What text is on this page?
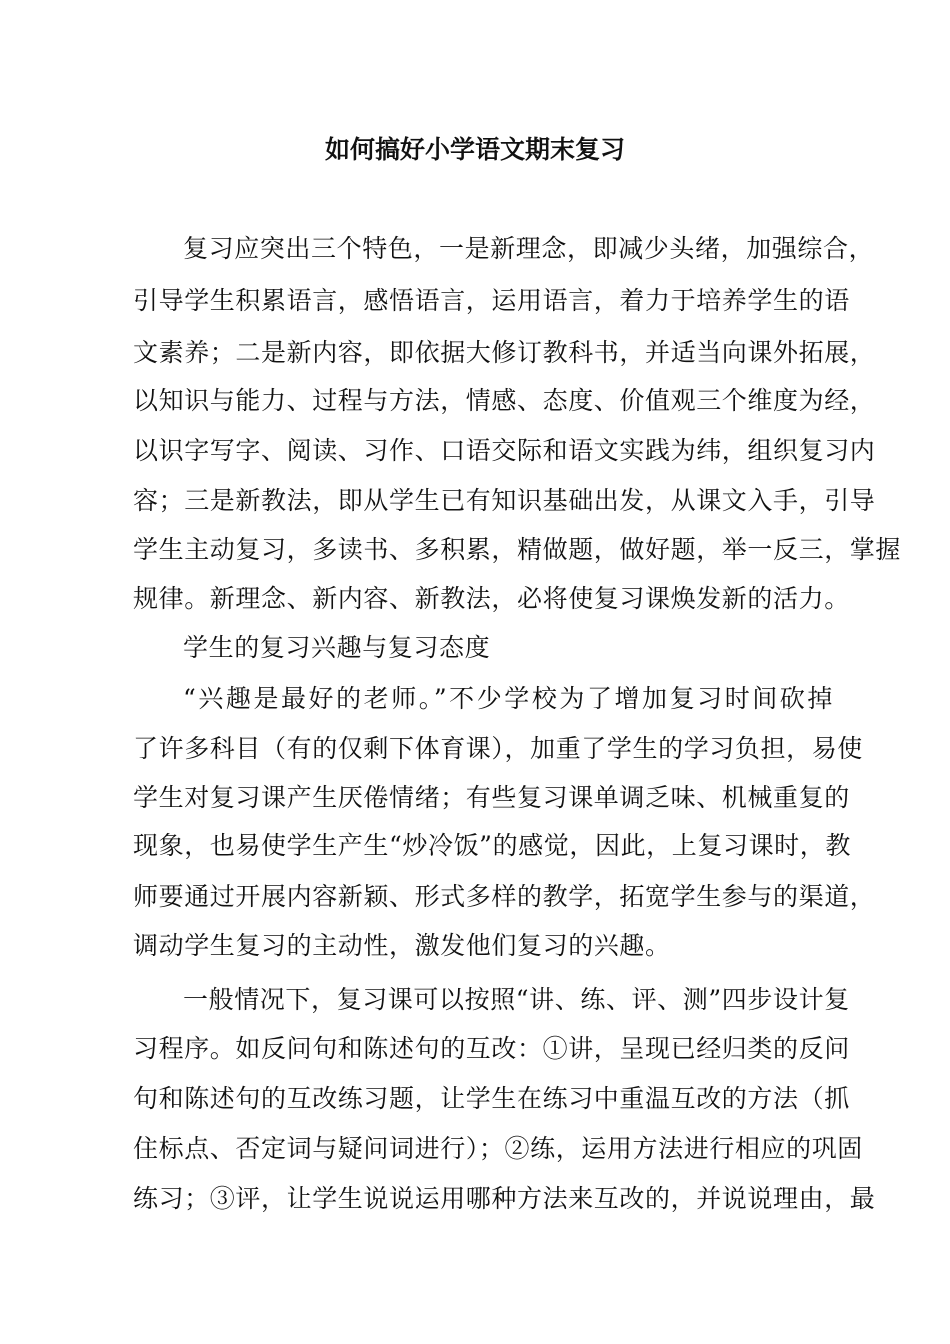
如何搞好小学语文期末复习
复习应突出三个特色，一是新理念，即减少头绪，加强综合，
引导学生积累语言，感悟语言，运用语言，着力于培养学生的语
文素养；二是新内容，即依据大修订教科书，并适当向课外拓展，
以知识与能力、过程与方法，情感、态度、价值观三个维度为经，
以识字写字、阅读、习作、口语交际和语文实践为纬，组织复习内
容；三是新教法，即从学生已有知识基础出发，从课文入手，引导
学生主动复习，多读书、多积累，精做题，做好题，举一反三，掌握
规律。新理念、新内容、新教法，必将使复习课焕发新的活力。
学生的复习兴趣与复习态度
“兴趣是最好的老师。”不少学校为了增加复习时间砍掉
了许多科目（有的仅剩下体育课），加重了学生的学习负担，易使
学生对复习课产生厌倦情绪；有些复习课单调乏味、机械重复的
现象，也易使学生产生“炒冷饭”的感觉，因此，上复习课时，教
师要通过开展内容新颖、形式多样的教学，拓宽学生参与的渠道，
调动学生复习的主动性，激发他们复习的兴趣。
一般情况下，复习课可以按照“讲、练、评、测”四步设计复
习程序。如反问句和陈述句的互改：①讲，呈现已经归类的反问
句和陈述句的互改练习题，让学生在练习中重温互改的方法（抓
住标点、否定词与疑问词进行）；②练，运用方法进行相应的巩固
练习；③评，让学生说说运用哪种方法来互改的，并说说理由，最
